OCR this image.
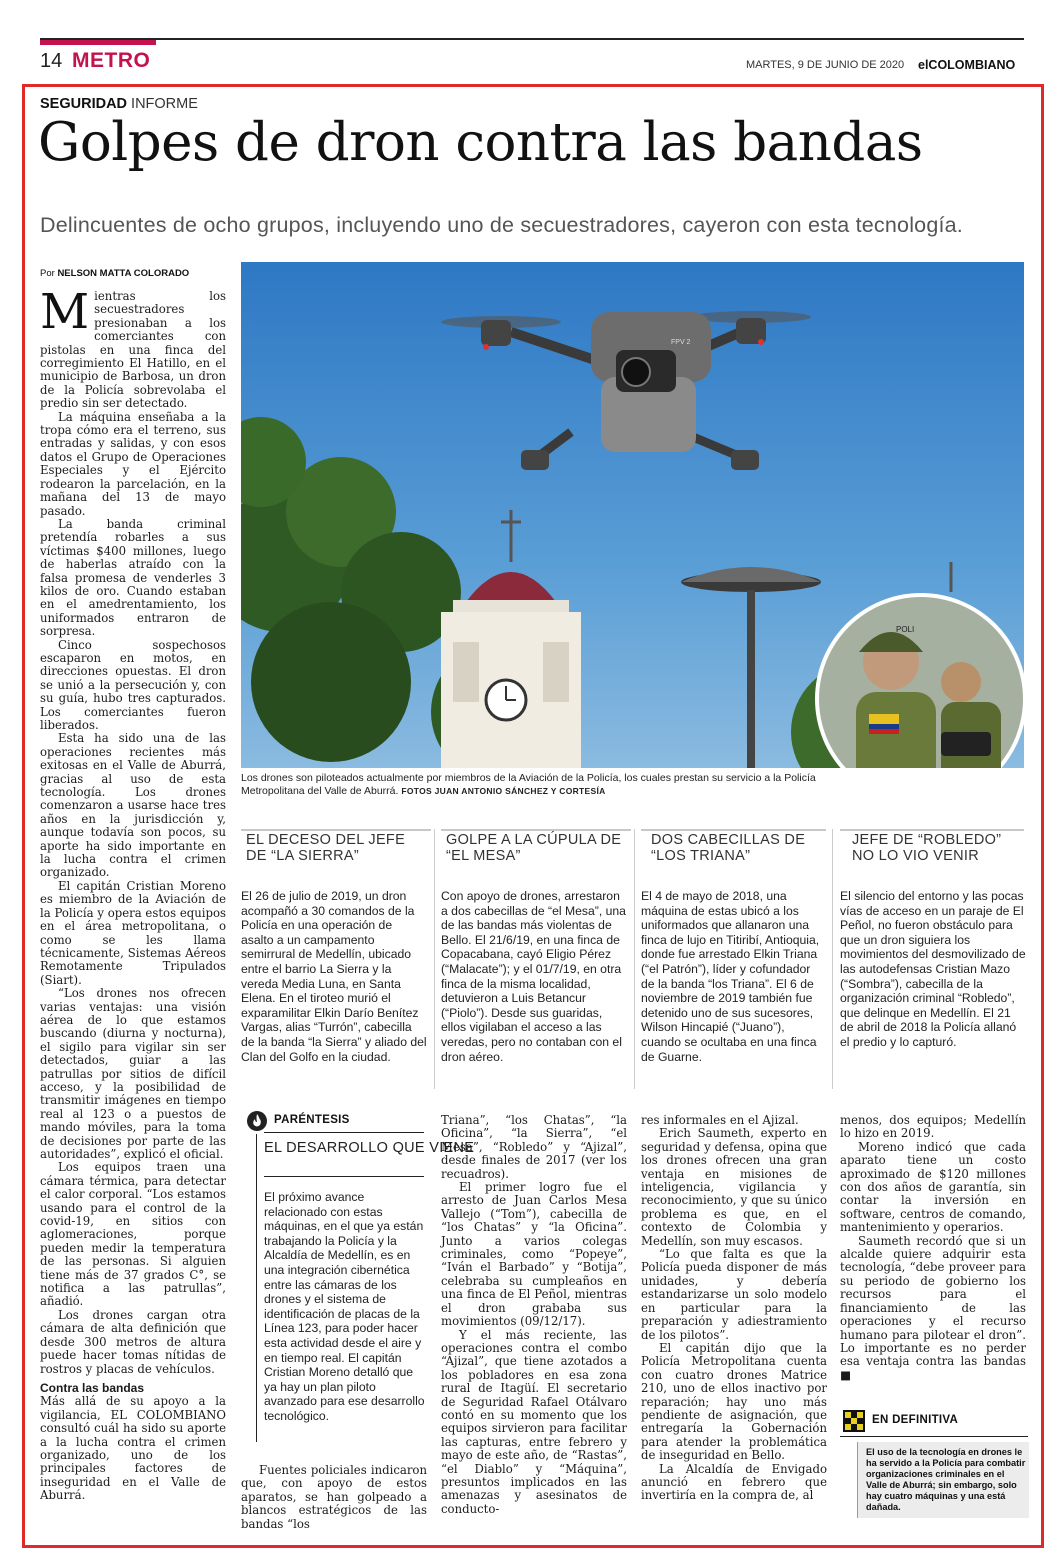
14 METRO	MARTES, 9 DE JUNIO DE 2020 elCOLOMBIANO
SEGURIDAD INFORME
Golpes de dron contra las bandas
Delincuentes de ocho grupos, incluyendo uno de secuestradores, cayeron con esta tecnología.
Por NELSON MATTA COLORADO

Mientras los secuestradores presionaban a los comerciantes con pistolas en una finca del corregimiento El Hatillo, en el municipio de Barbosa, un dron de la Policía sobrevolaba el predio sin ser detectado.

La máquina enseñaba a la tropa cómo era el terreno, sus entradas y salidas, y con esos datos el Grupo de Operaciones Especiales y el Ejército rodearon la parcelación, en la mañana del 13 de mayo pasado.

La banda criminal pretendía robarles a sus víctimas $400 millones, luego de haberlas atraído con la falsa promesa de venderles 3 kilos de oro. Cuando estaban en el amedrentamiento, los uniformados entraron de sorpresa.

Cinco sospechosos escaparon en motos, en direcciones opuestas. El dron se unió a la persecución y, con su guía, hubo tres capturados. Los comerciantes fueron liberados.

Esta ha sido una de las operaciones recientes más exitosas en el Valle de Aburrá, gracias al uso de esta tecnología. Los drones comenzaron a usarse hace tres años en la jurisdicción y, aunque todavía son pocos, su aporte ha sido importante en la lucha contra el crimen organizado.

El capitán Cristian Moreno es miembro de la Aviación de la Policía y opera estos equipos en el área metropolitana, o como se les llama técnicamente, Sistemas Aéreos Remotamente Tripulados (Siart).

“Los drones nos ofrecen varias ventajas: una visión aérea de lo que estamos buscando (diurna y nocturna), el sigilo para vigilar sin ser detectados, guiar a las patrullas por sitios de difícil acceso, y la posibilidad de transmitir imágenes en tiempo real al 123 o a puestos de mando móviles, para la toma de decisiones por parte de las autoridades”, explicó el oficial.

Los equipos traen una cámara térmica, para detectar el calor corporal. “Los estamos usando para el control de la covid-19, en sitios con aglomeraciones, porque pueden medir la temperatura de las personas. Si alguien tiene más de 37 grados C°, se notifica a las patrullas”, añadió.

Los drones cargan otra cámara de alta definición que desde 300 metros de altura puede hacer tomas nítidas de rostros y placas de vehículos.

Contra las bandas

Más allá de su apoyo a la vigilancia, EL COLOMBIANO consultó cuál ha sido su aporte a la lucha contra el crimen organizado, uno de los principales factores de inseguridad en el Valle de Aburrá.

FPV 2
POLI
Los drones son piloteados actualmente por miembros de la Aviación de la Policía, los cuales prestan su servicio a la Policía Metropolitana del Valle de Aburrá. FOTOS JUAN ANTONIO SÁNCHEZ Y CORTESÍA
EL DECESO DEL JEFE DE “LA SIERRA”
GOLPE A LA CÚPULA DE “EL MESA”
DOS CABECILLAS DE “LOS TRIANA”
JEFE DE “ROBLEDO” NO LO VIO VENIR
El 26 de julio de 2019, un dron acompañó a 30 comandos de la Policía en una operación de asalto a un campamento semirrural de Medellín, ubicado entre el barrio La Sierra y la vereda Media Luna, en Santa Elena. En el tiroteo murió el exparamilitar Elkin Darío Benítez Vargas, alias “Turrón”, cabecilla de la banda “la Sierra” y aliado del Clan del Golfo en la ciudad.
Con apoyo de drones, arrestaron a dos cabecillas de “el Mesa”, una de las bandas más violentas de Bello. El 21/6/19, en una finca de Copacabana, cayó Eligio Pérez (“Malacate”); y el 01/7/19, en otra finca de la misma localidad, detuvieron a Luis Betancur (“Piolo”). Desde sus guaridas, ellos vigilaban el acceso a las veredas, pero no contaban con el dron aéreo.
El 4 de mayo de 2018, una máquina de estas ubicó a los uniformados que allanaron una finca de lujo en Titiribí, Antioquia, donde fue arrestado Elkin Triana (“el Patrón”), líder y cofundador de la banda “los Triana”. El 6 de noviembre de 2019 también fue detenido uno de sus sucesores, Wilson Hincapié (“Juano”), cuando se ocultaba en una finca de Guarne.
El silencio del entorno y las pocas vías de acceso en un paraje de El Peñol, no fueron obstáculo para que un dron siguiera los movimientos del desmovilizado de las autodefensas Cristian Mazo (“Sombra”), cabecilla de la organización criminal “Robledo”, que delinque en Medellín. El 21 de abril de 2018 la Policía allanó el predio y lo capturó.
PARÉNTESIS
EL DESARROLLO QUE VIENE
El próximo avance relacionado con estas máquinas, en el que ya están trabajando la Policía y la Alcaldía de Medellín, es en una integración cibernética entre las cámaras de los drones y el sistema de identificación de placas de la Línea 123, para poder hacer esta actividad desde el aire y en tiempo real. El capitán Cristian Moreno detalló que ya hay un plan piloto avanzado para ese desarrollo tecnológico.

Fuentes policiales indicaron que, con apoyo de estos aparatos, se han golpeado a blancos estratégicos de las bandas “los

Triana”, “los Chatas”, “la Oficina”, “la Sierra”, “el Mesa”, “Robledo” y “Ajizal”, desde finales de 2017 (ver los recuadros).

El primer logro fue el arresto de Juan Carlos Mesa Vallejo (“Tom”), cabecilla de “los Chatas” y “la Oficina”. Junto a varios colegas criminales, como “Popeye”, “Iván el Barbado” y “Botija”, celebraba su cumpleaños en una finca de El Peñol, mientras el dron grababa sus movimientos (09/12/17).

Y el más reciente, las operaciones contra el combo “Ajizal”, que tiene azotados a los pobladores en esa zona rural de Itagüí. El secretario de Seguridad Rafael Otálvaro contó en su momento que los equipos sirvieron para facilitar las capturas, entre febrero y mayo de este año, de “Rastas”, “el Diablo” y “Máquina”, presuntos implicados en las amenazas y asesinatos de conducto-

res informales en el Ajizal.

Erich Saumeth, experto en seguridad y defensa, opina que los drones ofrecen una gran ventaja en misiones de inteligencia, vigilancia y reconocimiento, y que su único problema es que, en el contexto de Colombia y Medellín, son muy escasos.

“Lo que falta es que la Policía pueda disponer de más unidades, y debería estandarizarse un solo modelo en particular para la preparación y adiestramiento de los pilotos”.

El capitán dijo que la Policía Metropolitana cuenta con cuatro drones Matrice 210, uno de ellos inactivo por reparación; hay uno más pendiente de asignación, que entregaría la Gobernación para atender la problemática de inseguridad en Bello.

La Alcaldía de Envigado anunció en febrero que invertiría en la compra de, al

menos, dos equipos; Medellín lo hizo en 2019.

Moreno indicó que cada aparato tiene un costo aproximado de $120 millones con dos años de garantía, sin contar la inversión en software, centros de comando, mantenimiento y operarios.

Saumeth recordó que si un alcalde quiere adquirir esta tecnología, “debe proveer para su periodo de gobierno los recursos para el financiamiento de las operaciones y el recurso humano para pilotear el dron”. Lo importante es no perder esa ventaja contra las bandas ■

EN DEFINITIVA
El uso de la tecnología en drones le ha servido a la Policía para combatir organizaciones criminales en el Valle de Aburrá; sin embargo, solo hay cuatro máquinas y una está dañada.
